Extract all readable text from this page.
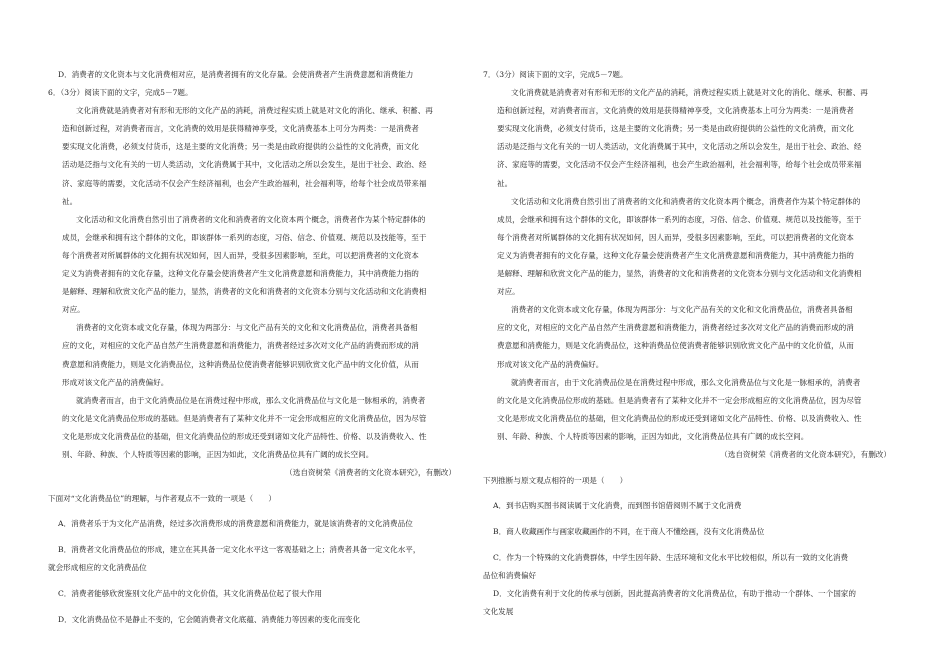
D．消费者的文化资本与文化消费相对应，是消费者拥有的文化存量。会使消费者产生消费意愿和消费能力

6．（3分）阅读下面的文字，完成5－7题。

文化消费就是消费者对有形和无形的文化产品的消耗，消费过程实质上就是对文化的消化、继承、积蓄、再
造和创新过程，对消费者而言，文化消费的效用是获得精神享受，文化消费基本上可分为两类：一是消费者
要实现文化消费，必须支付货币，这是主要的文化消费；另一类是由政府提供的公益性的文化消费，而文化
活动是泛指与文化有关的一切人类活动，文化消费属于其中，文化活动之所以会发生，是出于社会、政治、经
济、家庭等的需要，文化活动不仅会产生经济福利，也会产生政治福利，社会福利等，给每个社会成员带来福
祉。
文化活动和文化消费自然引出了消费者的文化和消费者的文化资本两个概念，消费者作为某个特定群体的
成员，会继承和拥有这个群体的文化，即该群体一系列的态度，习俗、信念、价值观、规范以及技能等，至于
每个消费者对所属群体的文化拥有状况如何，因人而异，受很多因素影响，至此，可以把消费者的文化资本
定义为消费者拥有的文化存量，这种文化存量会使消费者产生文化消费意愿和消费能力，其中消费能力指的
是解释、理解和欣赏文化产品的能力，显然，消费者的文化和消费者的文化资本分别与文化活动和文化消费相
对应。
消费者的文化资本或文化存量，体现为两部分：与文化产品有关的文化和文化消费品位，消费者具备相
应的文化，对相应的文化产品自然产生消费意愿和消费能力，消费者经过多次对文化产品的消费而形成的消
费意愿和消费能力，则是文化消费品位，这种消费品位使消费者能够识别欣赏文化产品中的文化价值，从而
形成对该文化产品的消费偏好。
就消费者而言，由于文化消费品位是在消费过程中形成，那么文化消费品位与文化是一脉相承的，消费者
的文化是文化消费品位形成的基础。但是消费者有了某种文化并不一定会形成相应的文化消费品位，因为尽管
文化是形成文化消费品位的基础，但文化消费品位的形成还受到诸如文化产品特性、价格、以及消费收入、性
别、年龄、种族、个人特质等因素的影响，正因为如此，文化消费品位具有广阔的成长空间。

（选自资树荣《消费者的文化资本研究》，有删改）

下面对“文化消费品位”的理解，与作者观点不一致的一项是（　　）

A．消费者乐于为文化产品消费，经过多次消费形成的消费意愿和消费能力，就是该消费者的文化消费品位

B．消费者文化消费品位的形成，建立在其具备一定文化水平这一客观基础之上；消费者具备一定文化水平，
就会形成相应的文化消费品位

C．消费者能够欣赏鉴别文化产品中的文化价值，其文化消费品位起了很大作用

D．文化消费品位不是静止不变的，它会随消费者文化底蕴、消费能力等因素的变化而变化

7．（3分）阅读下面的文字，完成5－7题。

文化消费就是消费者对有形和无形的文化产品的消耗，消费过程实质上就是对文化的消化、继承、积蓄、再
造和创新过程，对消费者而言，文化消费的效用是获得精神享受，文化消费基本上可分为两类：一是消费者
要实现文化消费，必须支付货币，这是主要的文化消费；另一类是由政府提供的公益性的文化消费，而文化
活动是泛指与文化有关的一切人类活动，文化消费属于其中，文化活动之所以会发生，是出于社会、政治、经
济、家庭等的需要，文化活动不仅会产生经济福利，也会产生政治福利，社会福利等，给每个社会成员带来福
祉。
文化活动和文化消费自然引出了消费者的文化和消费者的文化资本两个概念，消费者作为某个特定群体的
成员，会继承和拥有这个群体的文化，即该群体一系列的态度，习俗、信念、价值观、规范以及技能等，至于
每个消费者对所属群体的文化拥有状况如何，因人而异，受很多因素影响，至此，可以把消费者的文化资本
定义为消费者拥有的文化存量，这种文化存量会使消费者产生文化消费意愿和消费能力，其中消费能力指的
是解释、理解和欣赏文化产品的能力，显然，消费者的文化和消费者的文化资本分别与文化活动和文化消费相
对应。
消费者的文化资本或文化存量，体现为两部分：与文化产品有关的文化和文化消费品位，消费者具备相
应的文化，对相应的文化产品自然产生消费意愿和消费能力，消费者经过多次对文化产品的消费而形成的消
费意愿和消费能力，则是文化消费品位，这种消费品位使消费者能够识别欣赏文化产品中的文化价值，从而
形成对该文化产品的消费偏好。
就消费者而言，由于文化消费品位是在消费过程中形成，那么文化消费品位与文化是一脉相承的，消费者
的文化是文化消费品位形成的基础。但是消费者有了某种文化并不一定会形成相应的文化消费品位，因为尽管
文化是形成文化消费品位的基础，但文化消费品位的形成还受到诸如文化产品特性、价格、以及消费收入、性
别、年龄、种族、个人特质等因素的影响，正因为如此，文化消费品位具有广阔的成长空间。

（选自资树荣《消费者的文化资本研究》，有删改）

下列推断与原文观点相符的一项是（　　）

A．到书店购买图书阅读属于文化消费，而到图书馆借阅则不属于文化消费

B．商人收藏画作与画家收藏画作的不同，在于商人不懂绘画，没有文化消费品位

C．作为一个特殊的文化消费群体，中学生因年龄、生活环境和文化水平比较相似，所以有一致的文化消费
品位和消费偏好
D．文化消费有利于文化的传承与创新，因此提高消费者的文化消费品位，有助于推动一个群体、一个国家的
文化发展
